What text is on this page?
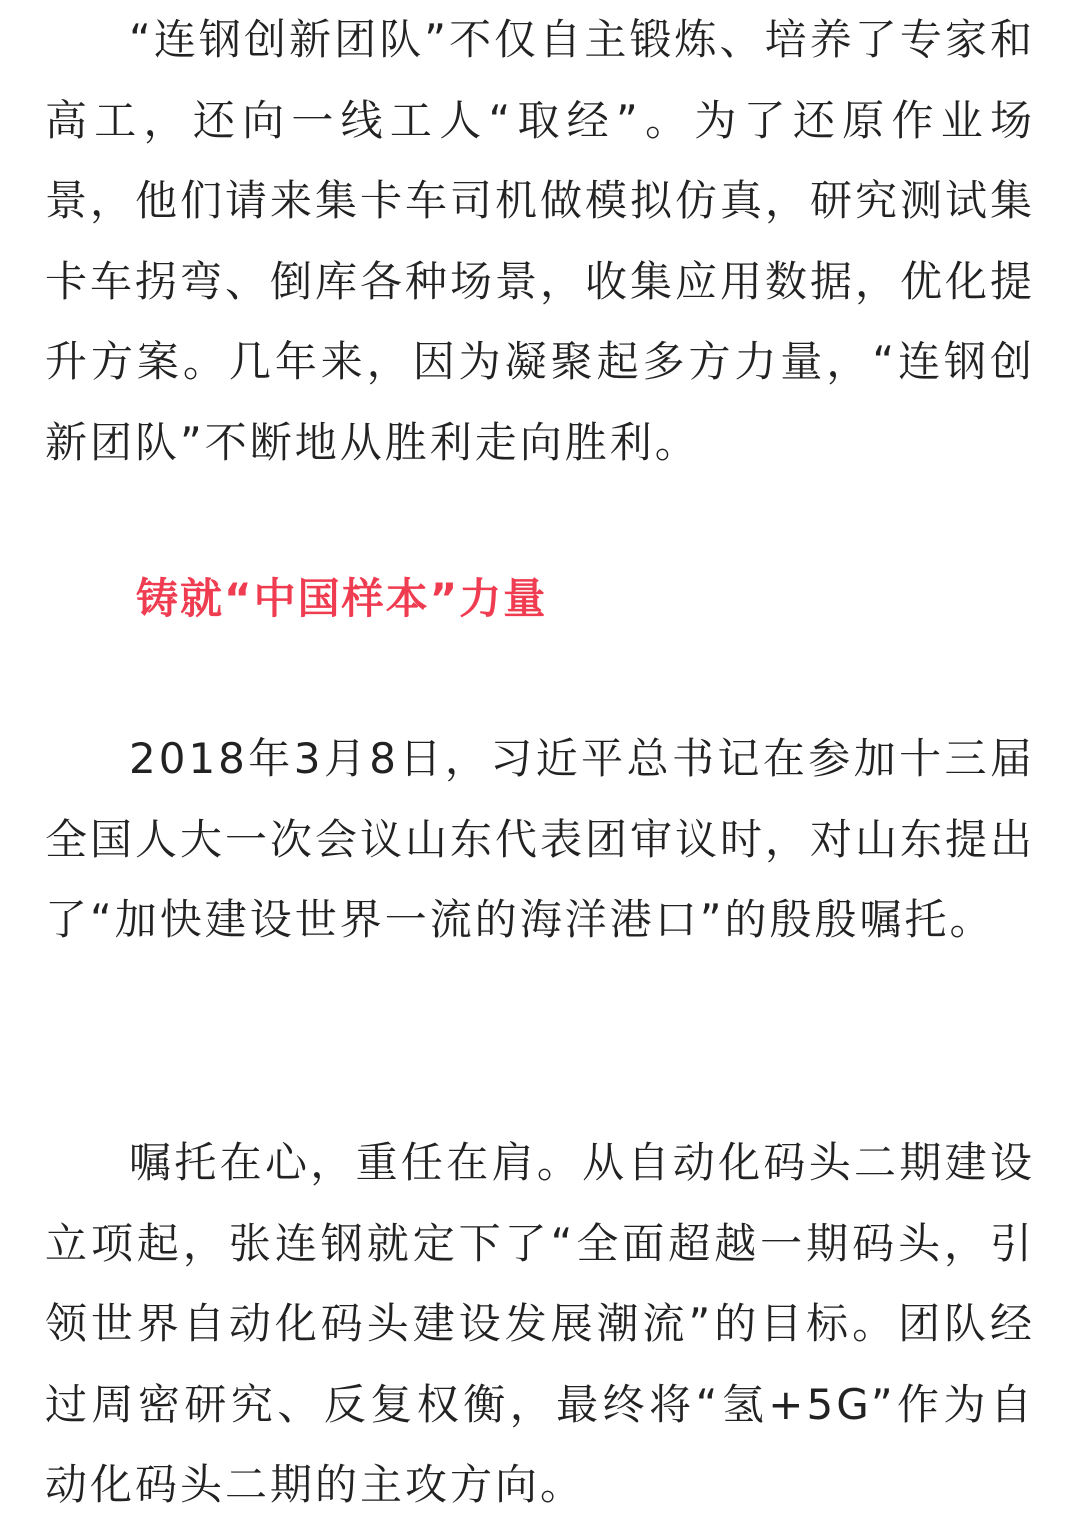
“连钢创新团队”不仅自主锻炼、培养了专家和高工，还向一线工人“取经”。为了还原作业场景，他们请来集卡车司机做模拟仿真，研究测试集卡车拐弯、倒库各种场景，收集应用数据，优化提升方案。几年来，因为凝聚起多方力量，“连钢创新团队”不断地从胜利走向胜利。

铸就“中国样本”力量

2018年3月8日，习近平总书记在参加十三届全国人大一次会议山东代表团审议时，对山东提出了“加快建设世界一流的海洋港口”的殷殷嘱托。

嘱托在心，重任在肩。从自动化码头二期建设立项起，张连钢就定下了“全面超越一期码头，引领世界自动化码头建设发展潮流”的目标。团队经过周密研究、反复权衡，最终将“氢+5G”作为自动化码头二期的主攻方向。
